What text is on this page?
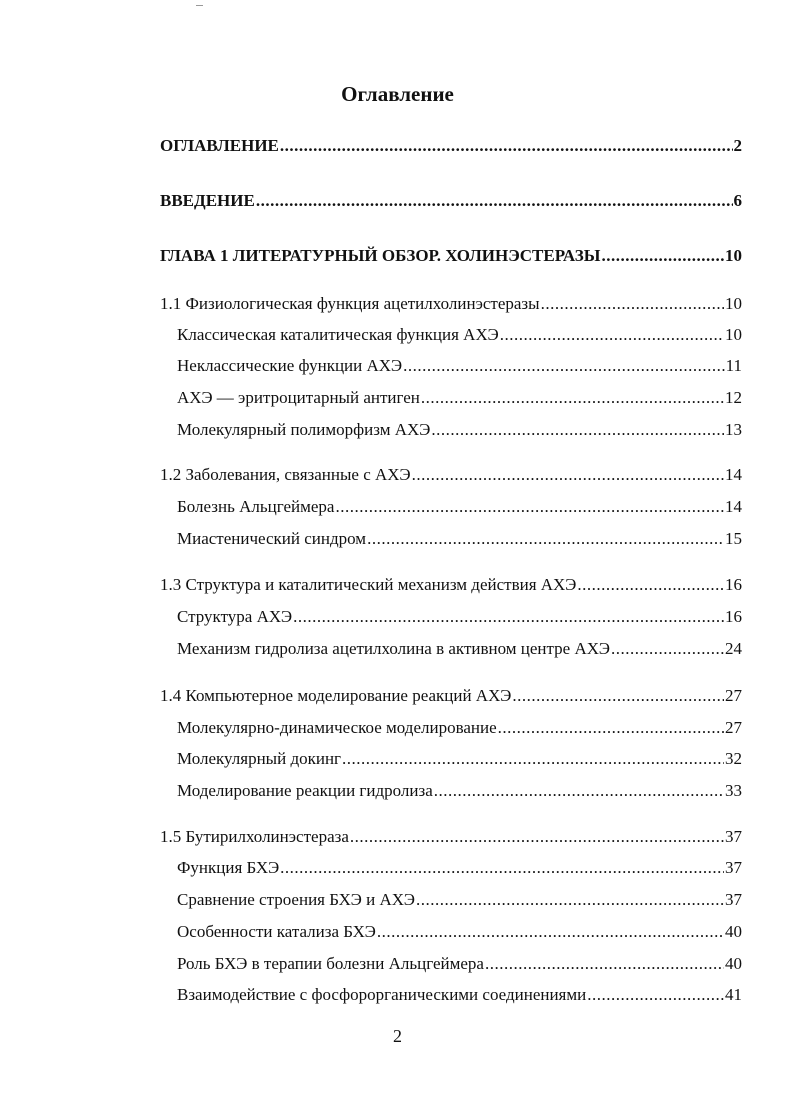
Оглавление
ОГЛАВЛЕНИЕ .....	2
ВВЕДЕНИЕ .....	6
ГЛАВА 1 ЛИТЕРАТУРНЫЙ ОБЗОР. ХОЛИНЭСТЕРАЗЫ .....	10
1.1 Физиологическая функция ацетилхолинэстеразы .....	10
Классическая каталитическая функция АХЭ .....	10
Неклассические функции АХЭ .....	11
АХЭ — эритроцитарный антиген .....	12
Молекулярный полиморфизм АХЭ .....	13
1.2 Заболевания, связанные с АХЭ .....	14
Болезнь Альцгеймера .....	14
Миастенический синдром .....	15
1.3 Структура и каталитический механизм действия АХЭ .....	16
Структура АХЭ .....	16
Механизм гидролиза ацетилхолина в активном центре АХЭ .....	24
1.4 Компьютерное моделирование реакций АХЭ .....	27
Молекулярно-динамическое моделирование .....	27
Молекулярный докинг .....	32
Моделирование реакции гидролиза .....	33
1.5 Бутирилхолинэстераза .....	37
Функция БХЭ .....	37
Сравнение строения БХЭ и АХЭ .....	37
Особенности катализа БХЭ .....	40
Роль БХЭ в терапии болезни Альцгеймера .....	40
Взаимодействие с фосфорорганическими соединениями .....	41
2
